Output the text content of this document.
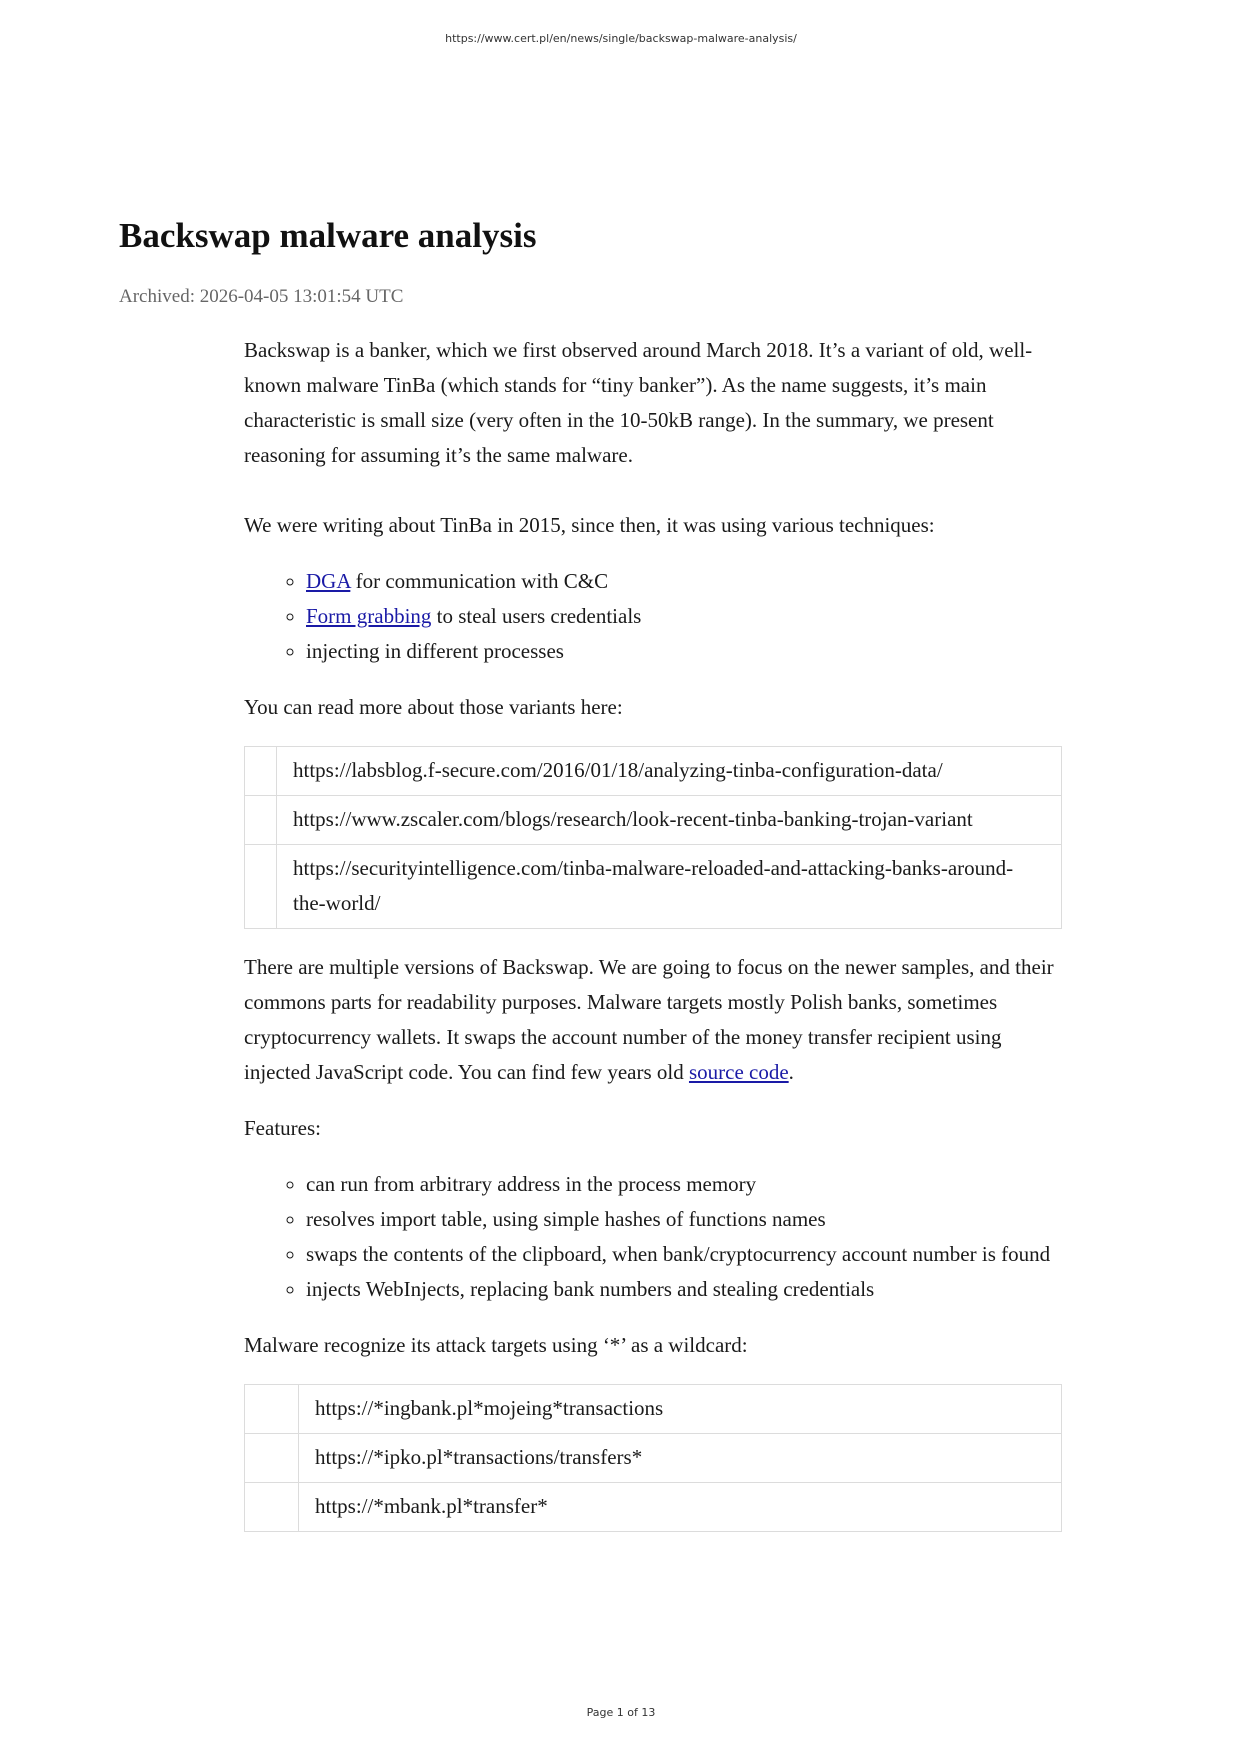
https://www.cert.pl/en/news/single/backswap-malware-analysis/
Backswap malware analysis
Archived: 2026-04-05 13:01:54 UTC

Backswap is a banker, which we first observed around March 2018. It’s a variant of old, well-known malware TinBa (which stands for “tiny banker”). As the name suggests, it’s main characteristic is small size (very often in the 10-50kB range). In the summary, we present reasoning for assuming it’s the same malware.

We were writing about TinBa in 2015, since then, it was using various techniques:

◦ DGA for communication with C&C
◦ Form grabbing to steal users credentials
◦ injecting in different processes

You can read more about those variants here:

	https://labsblog.f-secure.com/2016/01/18/analyzing-tinba-configuration-data/
	https://www.zscaler.com/blogs/research/look-recent-tinba-banking-trojan-variant
	https://securityintelligence.com/tinba-malware-reloaded-and-attacking-banks-around-the-world/

There are multiple versions of Backswap. We are going to focus on the newer samples, and their commons parts for readability purposes. Malware targets mostly Polish banks, sometimes cryptocurrency wallets. It swaps the account number of the money transfer recipient using injected JavaScript code. You can find few years old source code.

Features:

◦ can run from arbitrary address in the process memory
◦ resolves import table, using simple hashes of functions names
◦ swaps the contents of the clipboard, when bank/cryptocurrency account number is found
◦ injects WebInjects, replacing bank numbers and stealing credentials

Malware recognize its attack targets using ‘*’ as a wildcard:

	https://*ingbank.pl*mojeing*transactions
	https://*ipko.pl*transactions/transfers*
	https://*mbank.pl*transfer*
Page 1 of 13
